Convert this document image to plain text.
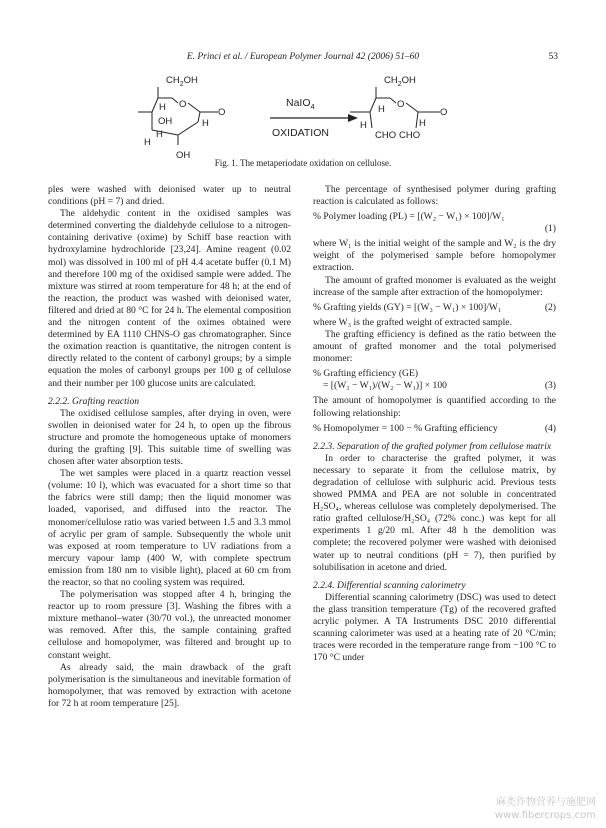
E. Princi et al. / European Polymer Journal 42 (2006) 51–60	53
$CH_2OH$
O
H
H
OH
H
O
OH
H
NaIO$_4$
OXIDATION
$CH_2OH$
O
H
H
H
CHO CHO
O
Fig. 1. The metaperiodate oxidation on cellulose.

ples were washed with deionised water up to neutral conditions (pH = 7) and dried.

The aldehydic content in the oxidised samples was determined converting the dialdehyde cellulose to a nitrogen-containing derivative (oxime) by Schiff base reaction with hydroxylamine hydrochloride [23,24]. Amine reagent (0.02 mol) was dissolved in 100 ml of pH 4.4 acetate buffer (0.1 M) and therefore 100 mg of the oxidised sample were added. The mixture was stirred at room temperature for 48 h; at the end of the reaction, the product was washed with deionised water, filtered and dried at 80 °C for 24 h. The elemental composition and the nitrogen content of the oximes obtained were determined by EA 1110 CHNS-O gas chromatographer. Since the oximation reaction is quantitative, the nitrogen content is directly related to the content of carbonyl groups; by a simple equation the moles of carbonyl groups per 100 g of cellulose and their number per 100 glucose units are calculated.

2.2.2. Grafting reaction

The oxidised cellulose samples, after drying in oven, were swollen in deionised water for 24 h, to open up the fibrous structure and promote the homogeneous uptake of monomers during the grafting [9]. This suitable time of swelling was chosen after water absorption tests.

The wet samples were placed in a quartz reaction vessel (volume: 10 l), which was evacuated for a short time so that the fabrics were still damp; then the liquid monomer was loaded, vaporised, and diffused into the reactor. The monomer/cellulose ratio was varied between 1.5 and 3.3 mmol of acrylic per gram of sample. Subsequently the whole unit was exposed at room temperature to UV radiations from a mercury vapour lamp (400 W, with complete spectrum emission from 180 nm to visible light), placed at 60 cm from the reactor, so that no cooling system was required.

The polymerisation was stopped after 4 h, bringing the reactor up to room pressure [3]. Washing the fibres with a mixture methanol–water (30/70 vol.), the unreacted monomer was removed. After this, the sample containing grafted cellulose and homopolymer, was filtered and brought up to constant weight.

As already said, the main drawback of the graft polymerisation is the simultaneous and inevitable formation of homopolymer, that was removed by extraction with acetone for 72 h at room temperature [25].

The percentage of synthesised polymer during grafting reaction is calculated as follows:

% Polymer loading (PL) = [(W₂ − W₁) × 100]/W₁
(1)

where W₁ is the initial weight of the sample and W₂ is the dry weight of the polymerised sample before homopolymer extraction.

The amount of grafted monomer is evaluated as the weight increase of the sample after extraction of the homopolymer:

% Grafting yields (GY) = [(W₃ − W₁) × 100]/W₁	(2)

where W₃ is the grafted weight of extracted sample.

The grafting efficiency is defined as the ratio between the amount of grafted monomer and the total polymerised monomer:

% Grafting efficiency (GE)
= [(W₃ − W₁)/(W₂ − W₁)] × 100	(3)

The amount of homopolymer is quantified according to the following relationship:

% Homopolymer = 100 − % Grafting efficiency	(4)
2.2.3. Separation of the grafted polymer from cellulose matrix

In order to characterise the grafted polymer, it was necessary to separate it from the cellulose matrix, by degradation of cellulose with sulphuric acid. Previous tests showed PMMA and PEA are not soluble in concentrated H₂SO₄, whereas cellulose was completely depolymerised. The ratio grafted cellulose/H₂SO₄ (72% conc.) was kept for all experiments 1 g/20 ml. After 48 h the demolition was complete; the recovered polymer were washed with deionised water up to neutral conditions (pH = 7), then purified by solubilisation in acetone and dried.

2.2.4. Differential scanning calorimetry

Differential scanning calorimetry (DSC) was used to detect the glass transition temperature (Tg) of the recovered grafted acrylic polymer. A TA Instruments DSC 2010 differential scanning calorimeter was used at a heating rate of 20 °C/min; traces were recorded in the temperature range from −100 °C to 170 °C under

麻类作物营养与施肥网
www.fibercrops.com
